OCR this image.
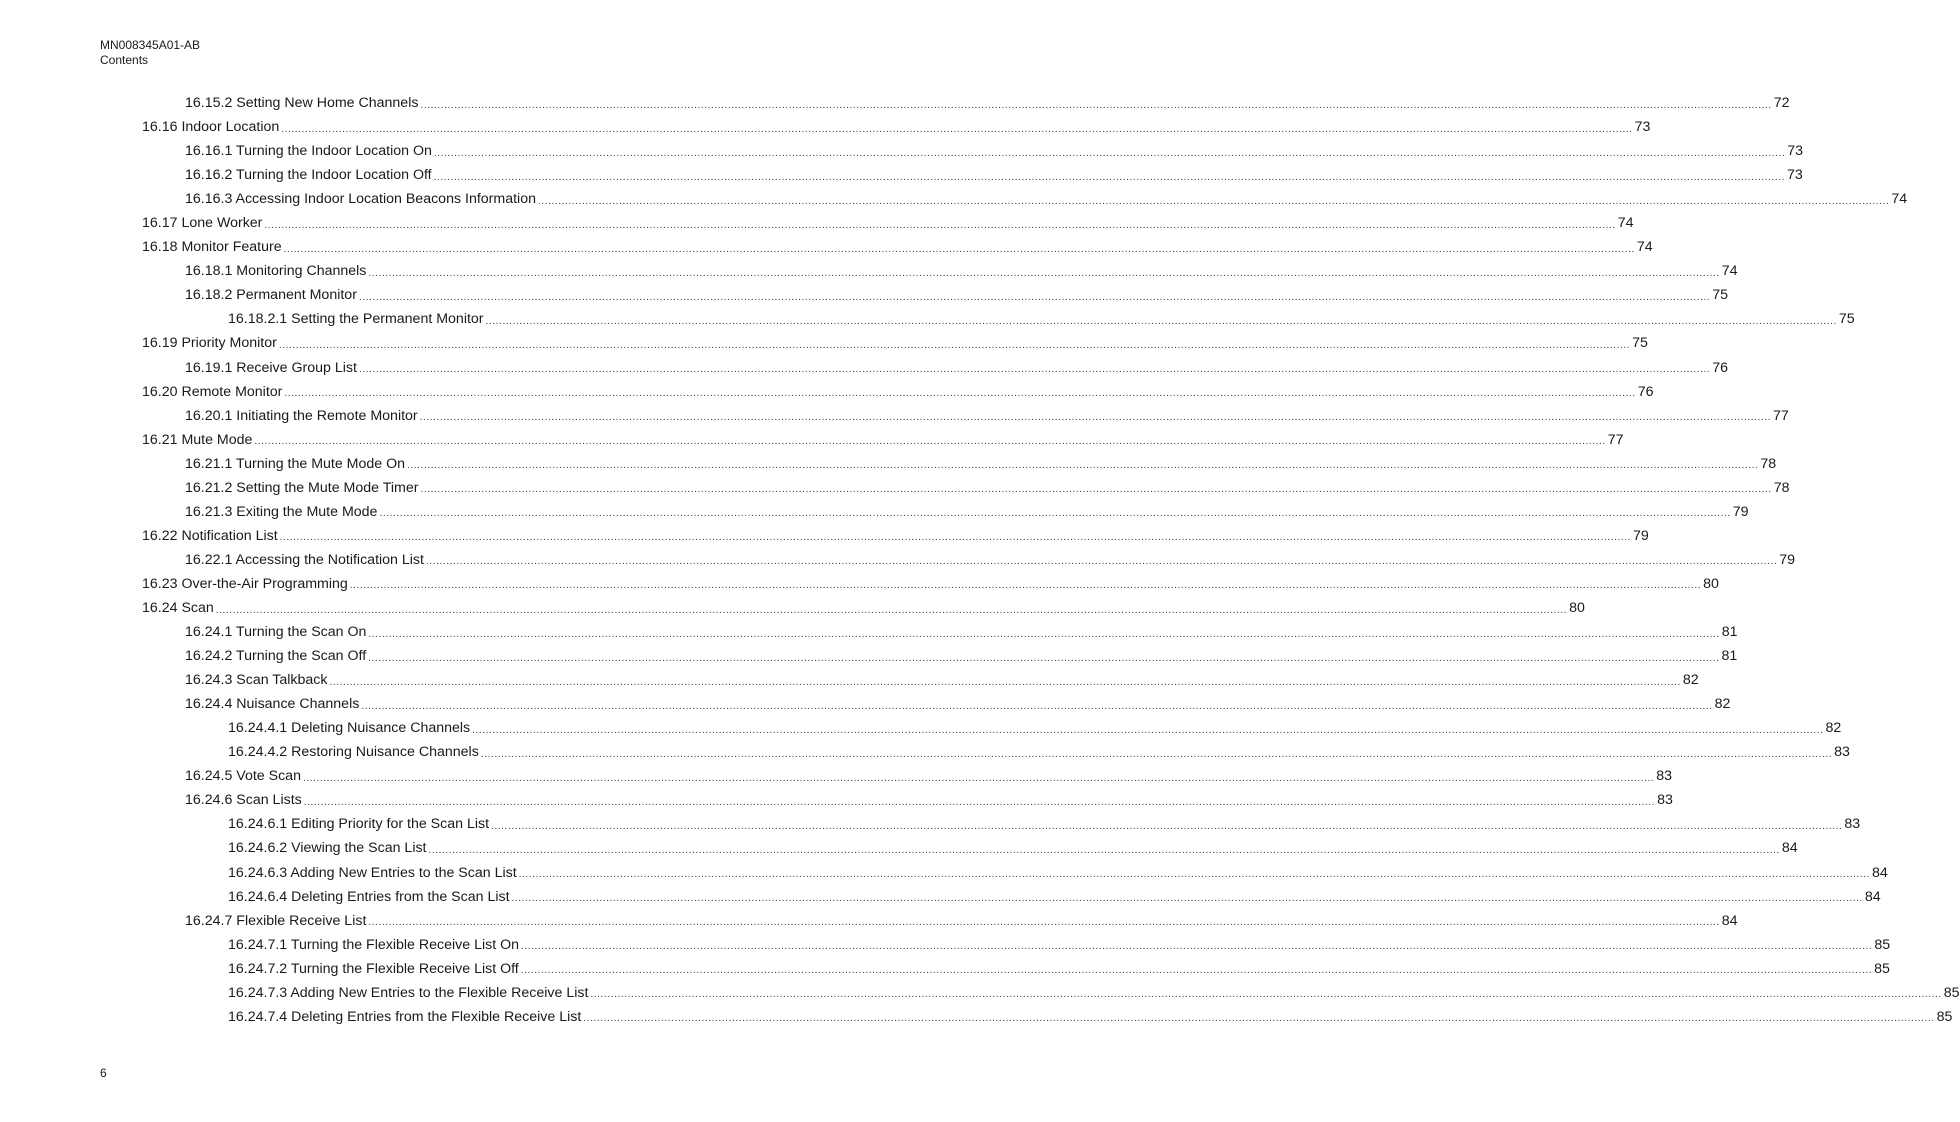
MN008345A01-AB
Contents
16.15.2 Setting New Home Channels ................................................................................................................................................................................................................................................................................................................................................................................................................ 72
16.16 Indoor Location ................................................................................................................................................................................................................................................................................................................................................................................................................ 73
16.16.1 Turning the Indoor Location On ................................................................................................................................................................................................................................................................................................................................................................................................................ 73
16.16.2 Turning the Indoor Location Off ................................................................................................................................................................................................................................................................................................................................................................................................................ 73
16.16.3 Accessing Indoor Location Beacons Information ................................................................................................................................................................................................................................................................................................................................................................................................................ 74
16.17 Lone Worker ................................................................................................................................................................................................................................................................................................................................................................................................................ 74
16.18 Monitor Feature ................................................................................................................................................................................................................................................................................................................................................................................................................ 74
16.18.1 Monitoring Channels ................................................................................................................................................................................................................................................................................................................................................................................................................ 74
16.18.2 Permanent Monitor ................................................................................................................................................................................................................................................................................................................................................................................................................ 75
16.18.2.1 Setting the Permanent Monitor ................................................................................................................................................................................................................................................................................................................................................................................................................ 75
16.19 Priority Monitor ................................................................................................................................................................................................................................................................................................................................................................................................................ 75
16.19.1 Receive Group List ................................................................................................................................................................................................................................................................................................................................................................................................................ 76
16.20 Remote Monitor ................................................................................................................................................................................................................................................................................................................................................................................................................ 76
16.20.1 Initiating the Remote Monitor ................................................................................................................................................................................................................................................................................................................................................................................................................ 77
16.21 Mute Mode ................................................................................................................................................................................................................................................................................................................................................................................................................ 77
16.21.1 Turning the Mute Mode On ................................................................................................................................................................................................................................................................................................................................................................................................................ 78
16.21.2 Setting the Mute Mode Timer ................................................................................................................................................................................................................................................................................................................................................................................................................ 78
16.21.3 Exiting the Mute Mode ................................................................................................................................................................................................................................................................................................................................................................................................................ 79
16.22 Notification List ................................................................................................................................................................................................................................................................................................................................................................................................................ 79
16.22.1 Accessing the Notification List ................................................................................................................................................................................................................................................................................................................................................................................................................ 79
16.23 Over-the-Air Programming ................................................................................................................................................................................................................................................................................................................................................................................................................ 80
16.24 Scan ................................................................................................................................................................................................................................................................................................................................................................................................................ 80
16.24.1 Turning the Scan On ................................................................................................................................................................................................................................................................................................................................................................................................................ 81
16.24.2 Turning the Scan Off ................................................................................................................................................................................................................................................................................................................................................................................................................ 81
16.24.3 Scan Talkback ................................................................................................................................................................................................................................................................................................................................................................................................................ 82
16.24.4 Nuisance Channels ................................................................................................................................................................................................................................................................................................................................................................................................................ 82
16.24.4.1 Deleting Nuisance Channels ................................................................................................................................................................................................................................................................................................................................................................................................................ 82
16.24.4.2 Restoring Nuisance Channels ................................................................................................................................................................................................................................................................................................................................................................................................................ 83
16.24.5 Vote Scan ................................................................................................................................................................................................................................................................................................................................................................................................................ 83
16.24.6 Scan Lists ................................................................................................................................................................................................................................................................................................................................................................................................................ 83
16.24.6.1 Editing Priority for the Scan List ................................................................................................................................................................................................................................................................................................................................................................................................................ 83
16.24.6.2 Viewing the Scan List ................................................................................................................................................................................................................................................................................................................................................................................................................ 84
16.24.6.3 Adding New Entries to the Scan List ................................................................................................................................................................................................................................................................................................................................................................................................................ 84
16.24.6.4 Deleting Entries from the Scan List ................................................................................................................................................................................................................................................................................................................................................................................................................ 84
16.24.7 Flexible Receive List ................................................................................................................................................................................................................................................................................................................................................................................................................ 84
16.24.7.1 Turning the Flexible Receive List On ................................................................................................................................................................................................................................................................................................................................................................................................................ 85
16.24.7.2 Turning the Flexible Receive List Off ................................................................................................................................................................................................................................................................................................................................................................................................................ 85
16.24.7.3 Adding New Entries to the Flexible Receive List ................................................................................................................................................................................................................................................................................................................................................................................................................ 85
16.24.7.4 Deleting Entries from the Flexible Receive List ................................................................................................................................................................................................................................................................................................................................................................................................................ 85
6
